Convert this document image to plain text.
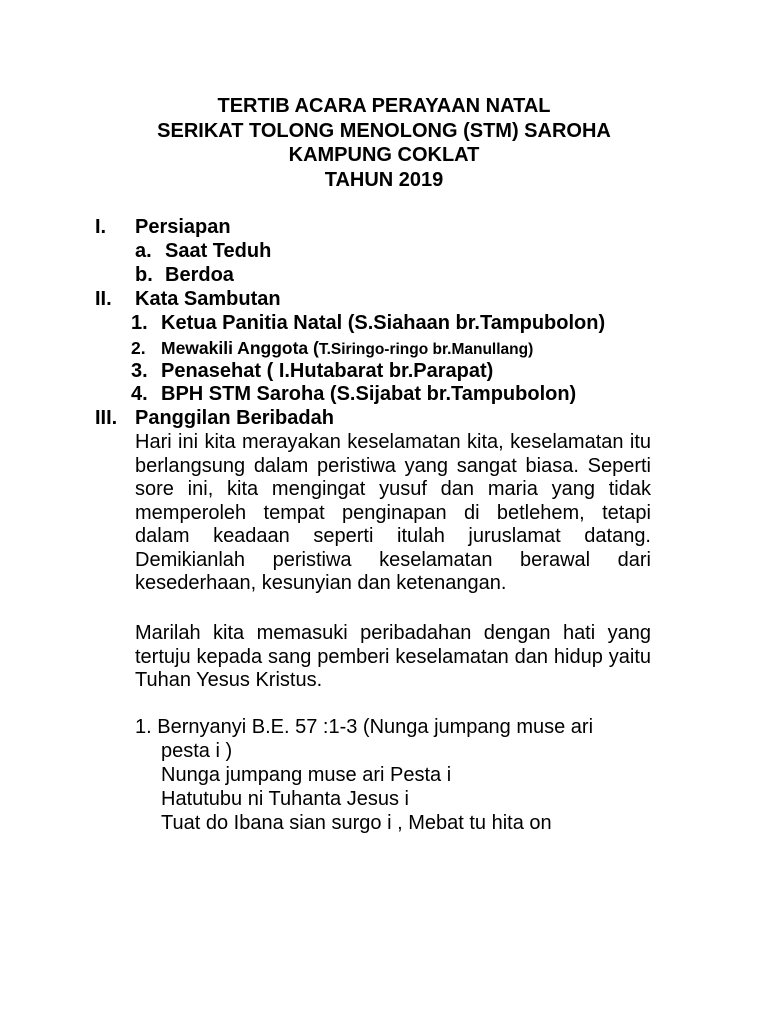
TERTIB ACARA PERAYAAN NATAL
SERIKAT TOLONG MENOLONG (STM) SAROHA
KAMPUNG COKLAT
TAHUN 2019
I. Persiapan
a. Saat Teduh
b. Berdoa
II. Kata Sambutan
1. Ketua Panitia Natal (S.Siahaan br.Tampubolon)
2. Mewakili Anggota (T.Siringo-ringo br.Manullang)
3. Penasehat ( I.Hutabarat br.Parapat)
4. BPH STM Saroha (S.Sijabat br.Tampubolon)
III. Panggilan Beribadah
Hari ini kita merayakan keselamatan kita, keselamatan itu berlangsung dalam peristiwa yang sangat biasa. Seperti sore ini, kita mengingat yusuf dan maria yang tidak memperoleh tempat penginapan di betlehem, tetapi dalam keadaan seperti itulah juruslamat datang. Demikianlah peristiwa keselamatan berawal dari kesederhaan, kesunyian dan ketenangan.
Marilah kita memasuki peribadahan dengan hati yang tertuju kepada sang pemberi keselamatan dan hidup yaitu Tuhan Yesus Kristus.
1. Bernyanyi B.E. 57 :1-3 (Nunga jumpang muse ari
pesta i )
Nunga jumpang muse ari Pesta i
Hatutubu ni Tuhanta Jesus i
Tuat do Ibana sian surgo i , Mebat tu hita on
